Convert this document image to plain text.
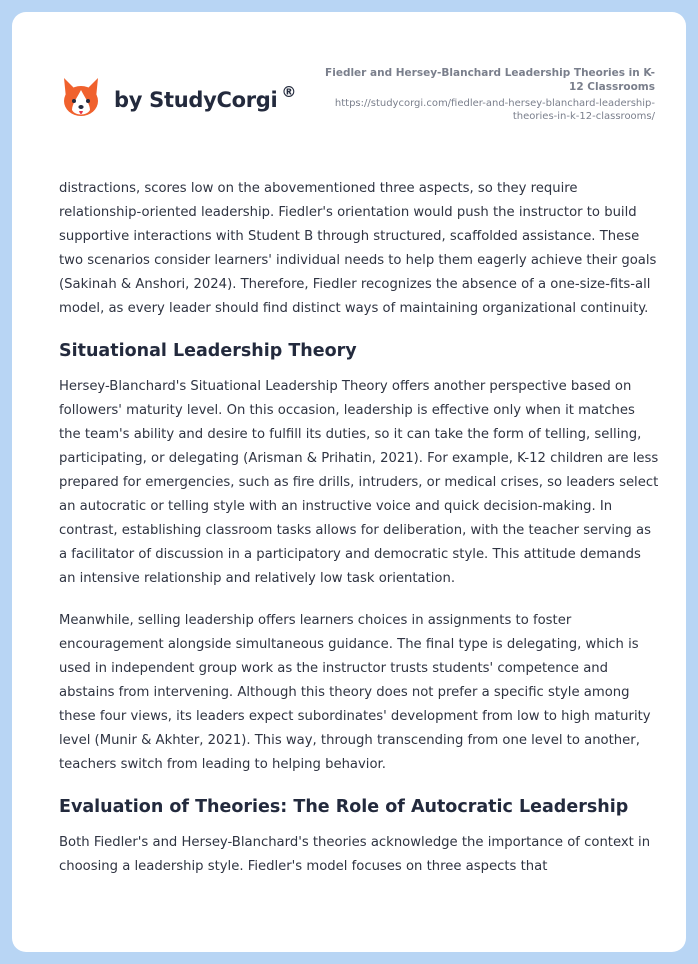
by StudyCorgi ®
Fiedler and Hersey-Blanchard Leadership Theories in K-12 Classrooms
https://studycorgi.com/fiedler-and-hersey-blanchard-leadership-theories-in-k-12-classrooms/

distractions, scores low on the abovementioned three aspects, so they require relationship-oriented leadership. Fiedler's orientation would push the instructor to build supportive interactions with Student B through structured, scaffolded assistance. These two scenarios consider learners' individual needs to help them eagerly achieve their goals (Sakinah & Anshori, 2024). Therefore, Fiedler recognizes the absence of a one-size-fits-all model, as every leader should find distinct ways of maintaining organizational continuity.

Situational Leadership Theory

Hersey-Blanchard's Situational Leadership Theory offers another perspective based on followers' maturity level. On this occasion, leadership is effective only when it matches the team's ability and desire to fulfill its duties, so it can take the form of telling, selling, participating, or delegating (Arisman & Prihatin, 2021). For example, K-12 children are less prepared for emergencies, such as fire drills, intruders, or medical crises, so leaders select an autocratic or telling style with an instructive voice and quick decision-making. In contrast, establishing classroom tasks allows for deliberation, with the teacher serving as a facilitator of discussion in a participatory and democratic style. This attitude demands an intensive relationship and relatively low task orientation.

Meanwhile, selling leadership offers learners choices in assignments to foster encouragement alongside simultaneous guidance. The final type is delegating, which is used in independent group work as the instructor trusts students' competence and abstains from intervening. Although this theory does not prefer a specific style among these four views, its leaders expect subordinates' development from low to high maturity level (Munir & Akhter, 2021). This way, through transcending from one level to another, teachers switch from leading to helping behavior.

Evaluation of Theories: The Role of Autocratic Leadership

Both Fiedler's and Hersey-Blanchard's theories acknowledge the importance of context in choosing a leadership style. Fiedler's model focuses on three aspects that
